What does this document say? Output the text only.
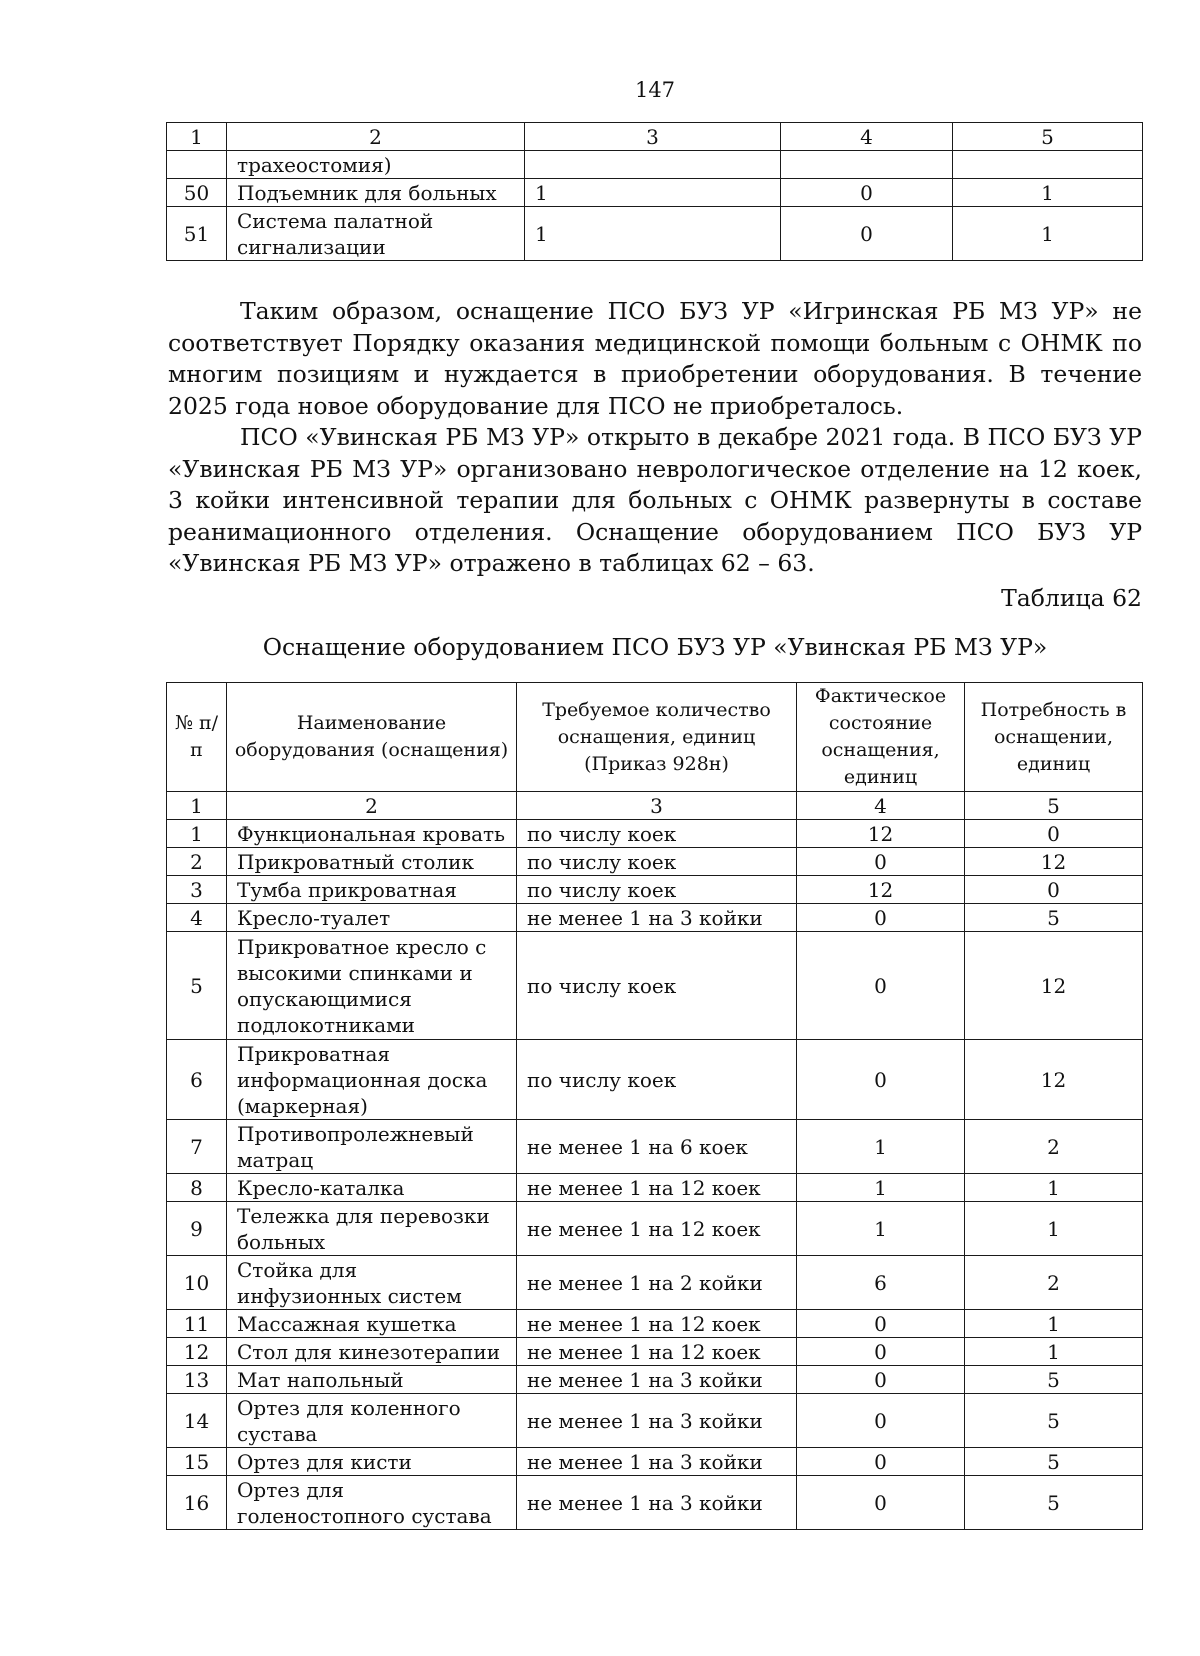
147
1	2	3	4	5
	трахеостомия)			
50	Подъемник для больных	1	0	1
51	Система палатной сигнализации	1	0	1

Таким образом, оснащение ПСО БУЗ УР «Игринская РБ МЗ УР» не соответствует Порядку оказания медицинской помощи больным с ОНМК по многим позициям и нуждается в приобретении оборудования. В течение 2025 года новое оборудование для ПСО не приобреталось.

ПСО «Увинская РБ МЗ УР» открыто в декабре 2021 года. В ПСО БУЗ УР «Увинская РБ МЗ УР» организовано неврологическое отделение на 12 коек, 3 койки интенсивной терапии для больных с ОНМК развернуты в составе реанимационного отделения. Оснащение оборудованием ПСО БУЗ УР «Увинская РБ МЗ УР» отражено в таблицах 62 – 63.

Таблица 62
Оснащение оборудованием ПСО БУЗ УР «Увинская РБ МЗ УР»
№ п/п	Наименование оборудования (оснащения)	Требуемое количество оснащения, единиц (Приказ 928н)	Фактическое состояние оснащения, единиц	Потребность в оснащении, единиц
1	2	3	4	5
1	Функциональная кровать	по числу коек	12	0
2	Прикроватный столик	по числу коек	0	12
3	Тумба прикроватная	по числу коек	12	0
4	Кресло-туалет	не менее 1 на 3 койки	0	5
5	Прикроватное кресло с высокими спинками и опускающимися подлокотниками	по числу коек	0	12
6	Прикроватная информационная доска (маркерная)	по числу коек	0	12
7	Противопролежневый матрац	не менее 1 на 6 коек	1	2
8	Кресло-каталка	не менее 1 на 12 коек	1	1
9	Тележка для перевозки больных	не менее 1 на 12 коек	1	1
10	Стойка для инфузионных систем	не менее 1 на 2 койки	6	2
11	Массажная кушетка	не менее 1 на 12 коек	0	1
12	Стол для кинезотерапии	не менее 1 на 12 коек	0	1
13	Мат напольный	не менее 1 на 3 койки	0	5
14	Ортез для коленного сустава	не менее 1 на 3 койки	0	5
15	Ортез для кисти	не менее 1 на 3 койки	0	5
16	Ортез для голеностопного сустава	не менее 1 на 3 койки	0	5
